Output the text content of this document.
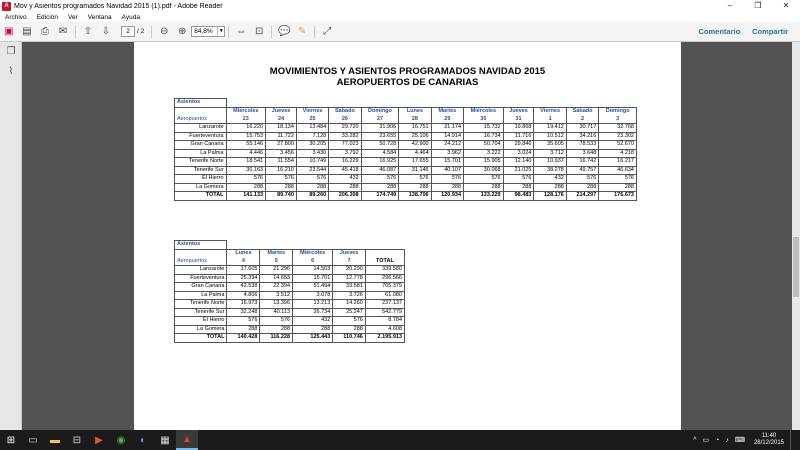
A Mov y Asientos programados Navidad 2015 (1).pdf - Adobe Reader	–	❐	✕
Archivo	Edición	Ver	Ventana	Ayuda
▣ ▤ ⎙ ✉ ⇧ ⇩	2	/ 2 ⊖ ⊕	84,8%	▼ ⇔ ⊡ 💬 ✎	⤢	Comentario Compartir
❐
⌇	MOVIMIENTOS Y ASIENTOS PROGRAMADOS NAVIDAD 2015
AEROPUERTOS DE CANARIAS
Asientos												
	Miércoles	Jueves	Viernes	Sábado	Domingo	Lunes	Martes	Miércoles	Jueves	Viernes	Sábado	Domingo
Aeropuertos	23	24	25	26	27	28	29	30	31	1	2	3
Lanzarote	16.220	18.134	13.484	29.720	31.906	16.751	21.174	15.732	19.868	19.412	30.717	32.768
Fuerteventura	15.753	11.722	7.128	33.282	23.655	25.106	14.914	16.734	11.716	10.512	34.216	23.302
Gran Canaria	55.146	27.800	30.205	77.023	50.728	42.900	24.212	50.704	29.846	35.605	78.533	52.670
La Palma	4.446	3.456	3.430	3.792	4.584	4.464	3.962	3.222	3.024	3.712	3.648	4.218
Tenerife Norte	18.541	11.554	10.749	16.229	16.925	17.655	15.701	15.905	12.140	10.937	16.742	16.217
Tenerife Sur	30.163	16.210	23.544	45.418	46.087	31.146	40.107	30.068	21.025	38.278	49.757	46.634
El Hierro	576	576	576	432	576	576	576	576	576	432	576	576
La Gomera	288	288	288	288	288	288	288	288	288	288	288	288
TOTAL	141.133	89.740	89.260	206.308	174.749	138.706	120.934	133.229	98.483	128.176	214.297	176.673
Asientos					
	Lunes	Martes	Miércoles	Jueves	
Aeropuertos	4	5	6	7	TOTAL
Lanzarote	17.605	21.296	14.503	20.290	339.580
Fuerteventura	25.394	14.653	15.701	12.778	296.566
Gran Canaria	42.538	22.394	51.494	33.581	705.379
La Palma	4.806	3.512	3.078	3.726	61.080
Tenerife Norte	16.973	13.396	13.213	14.260	237.137
Tenerife Sur	32.248	40.113	26.734	25.247	542.779
El Hierro	576	576	432	576	8.784
La Gomera	288	288	288	288	4.608
TOTAL	140.428	116.228	125.443	110.746	2.195.913
⊞	▭	▬	⊟	▶	◉	◐	▦	▲	^ ▭ ◔ ♪ ⌨
11:40
28/12/2015
